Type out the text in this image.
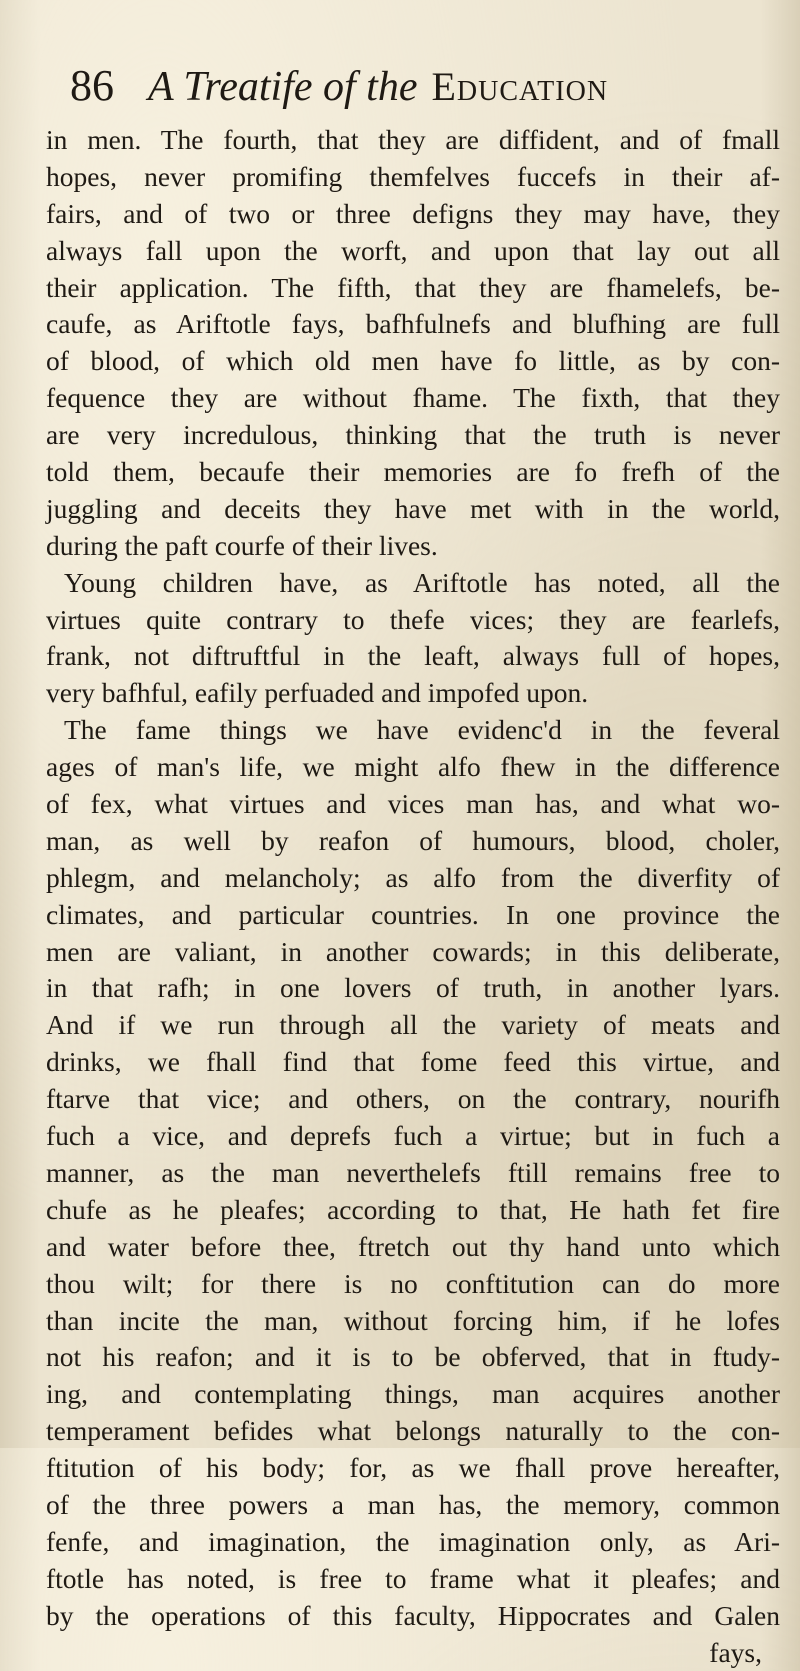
86 A Treatife of the Education
in men. The fourth, that they are diffident, and of fmall
hopes, never promifing themfelves fuccefs in their af-
fairs, and of two or three defigns they may have, they
always fall upon the worft, and upon that lay out all
their application. The fifth, that they are fhamelefs, be-
caufe, as Ariftotle fays, bafhfulnefs and blufhing are full
of blood, of which old men have fo little, as by con-
fequence they are without fhame. The fixth, that they
are very incredulous, thinking that the truth is never
told them, becaufe their memories are fo frefh of the
juggling and deceits they have met with in the world,
during the paft courfe of their lives.
Young children have, as Ariftotle has noted, all the
virtues quite contrary to thefe vices; they are fearlefs,
frank, not diftruftful in the leaft, always full of hopes,
very bafhful, eafily perfuaded and impofed upon.
The fame things we have evidenc'd in the feveral
ages of man's life, we might alfo fhew in the difference
of fex, what virtues and vices man has, and what wo-
man, as well by reafon of humours, blood, choler,
phlegm, and melancholy; as alfo from the diverfity of
climates, and particular countries. In one province the
men are valiant, in another cowards; in this deliberate,
in that rafh; in one lovers of truth, in another lyars.
And if we run through all the variety of meats and
drinks, we fhall find that fome feed this virtue, and
ftarve that vice; and others, on the contrary, nourifh
fuch a vice, and deprefs fuch a virtue; but in fuch a
manner, as the man neverthelefs ftill remains free to
chufe as he pleafes; according to that, He hath fet fire
and water before thee, ftretch out thy hand unto which
thou wilt; for there is no conftitution can do more
than incite the man, without forcing him, if he lofes
not his reafon; and it is to be obferved, that in ftudy-
ing, and contemplating things, man acquires another
temperament befides what belongs naturally to the con-
ftitution of his body; for, as we fhall prove hereafter,
of the three powers a man has, the memory, common
fenfe, and imagination, the imagination only, as Ari-
ftotle has noted, is free to frame what it pleafes; and
by the operations of this faculty, Hippocrates and Galen
fays,
